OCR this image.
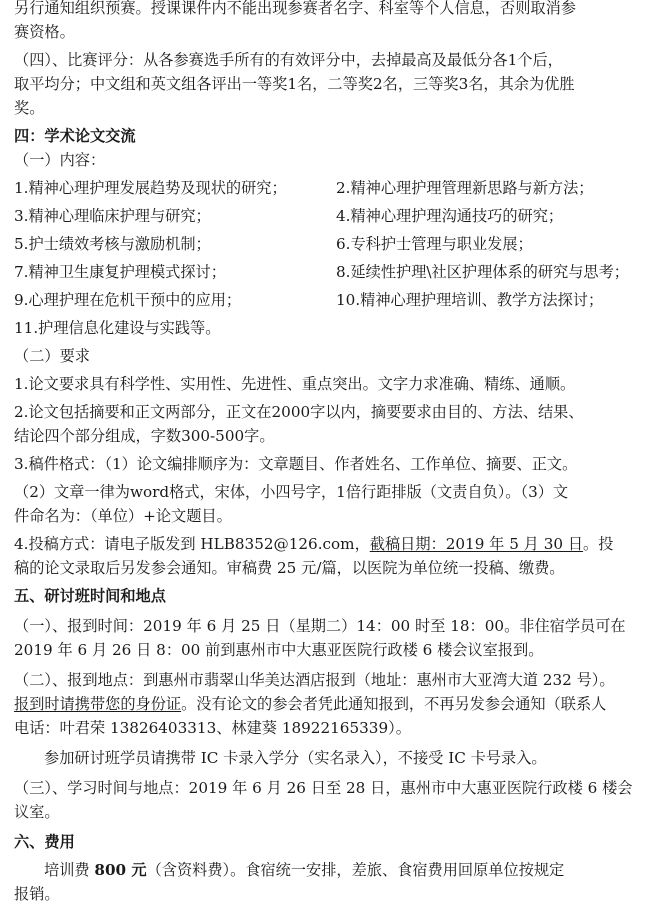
另行通知组织预赛。授课课件内不能出现参赛者名字、科室等个人信息，否则取消参
赛资格。
（四）、比赛评分：从各参赛选手所有的有效评分中，去掉最高及最低分各1个后，
取平均分；中文组和英文组各评出一等奖1名，二等奖2名，三等奖3名，其余为优胜
奖。
四：学术论文交流
（一）内容：
1.精神心理护理发展趋势及现状的研究；	2.精神心理护理管理新思路与新方法；
3.精神心理临床护理与研究；	4.精神心理护理沟通技巧的研究；
5.护士绩效考核与激励机制；	6.专科护士管理与职业发展；
7.精神卫生康复护理模式探讨；	8.延续性护理\社区护理体系的研究与思考；
9.心理护理在危机干预中的应用；	10.精神心理护理培训、教学方法探讨；
11.护理信息化建设与实践等。
（二）要求
1.论文要求具有科学性、实用性、先进性、重点突出。文字力求准确、精练、通顺。
2.论文包括摘要和正文两部分，正文在2000字以内，摘要要求由目的、方法、结果、
结论四个部分组成，字数300-500字。
3.稿件格式：（1）论文编排顺序为：文章题目、作者姓名、工作单位、摘要、正文。
（2）文章一律为word格式，宋体，小四号字，1倍行距排版（文责自负）。（3）文
件命名为：（单位）+论文题目。
4.投稿方式：请电子版发到 HLB8352@126.com，截稿日期：2019 年 5 月 30 日。投
稿的论文录取后另发参会通知。审稿费 25 元/篇，以医院为单位统一投稿、缴费。
五、研讨班时间和地点
（一）、报到时间：2019 年 6 月 25 日（星期二）14：00 时至 18：00。非住宿学员可在
2019 年 6 月 26 日 8：00 前到惠州市中大惠亚医院行政楼 6 楼会议室报到。
（二）、报到地点：到惠州市翡翠山华美达酒店报到（地址：惠州市大亚湾大道 232 号）。
报到时请携带您的身份证。没有论文的参会者凭此通知报到，不再另发参会通知（联系人
电话：叶君荣 13826403313、林建葵 18922165339）。
参加研讨班学员请携带 IC 卡录入学分（实名录入），不接受 IC 卡号录入。
（三）、学习时间与地点：2019 年 6 月 26 日至 28 日，惠州市中大惠亚医院行政楼 6 楼会
议室。
六、费用
培训费 800 元（含资料费）。食宿统一安排，差旅、食宿费用回原单位按规定
报销。
